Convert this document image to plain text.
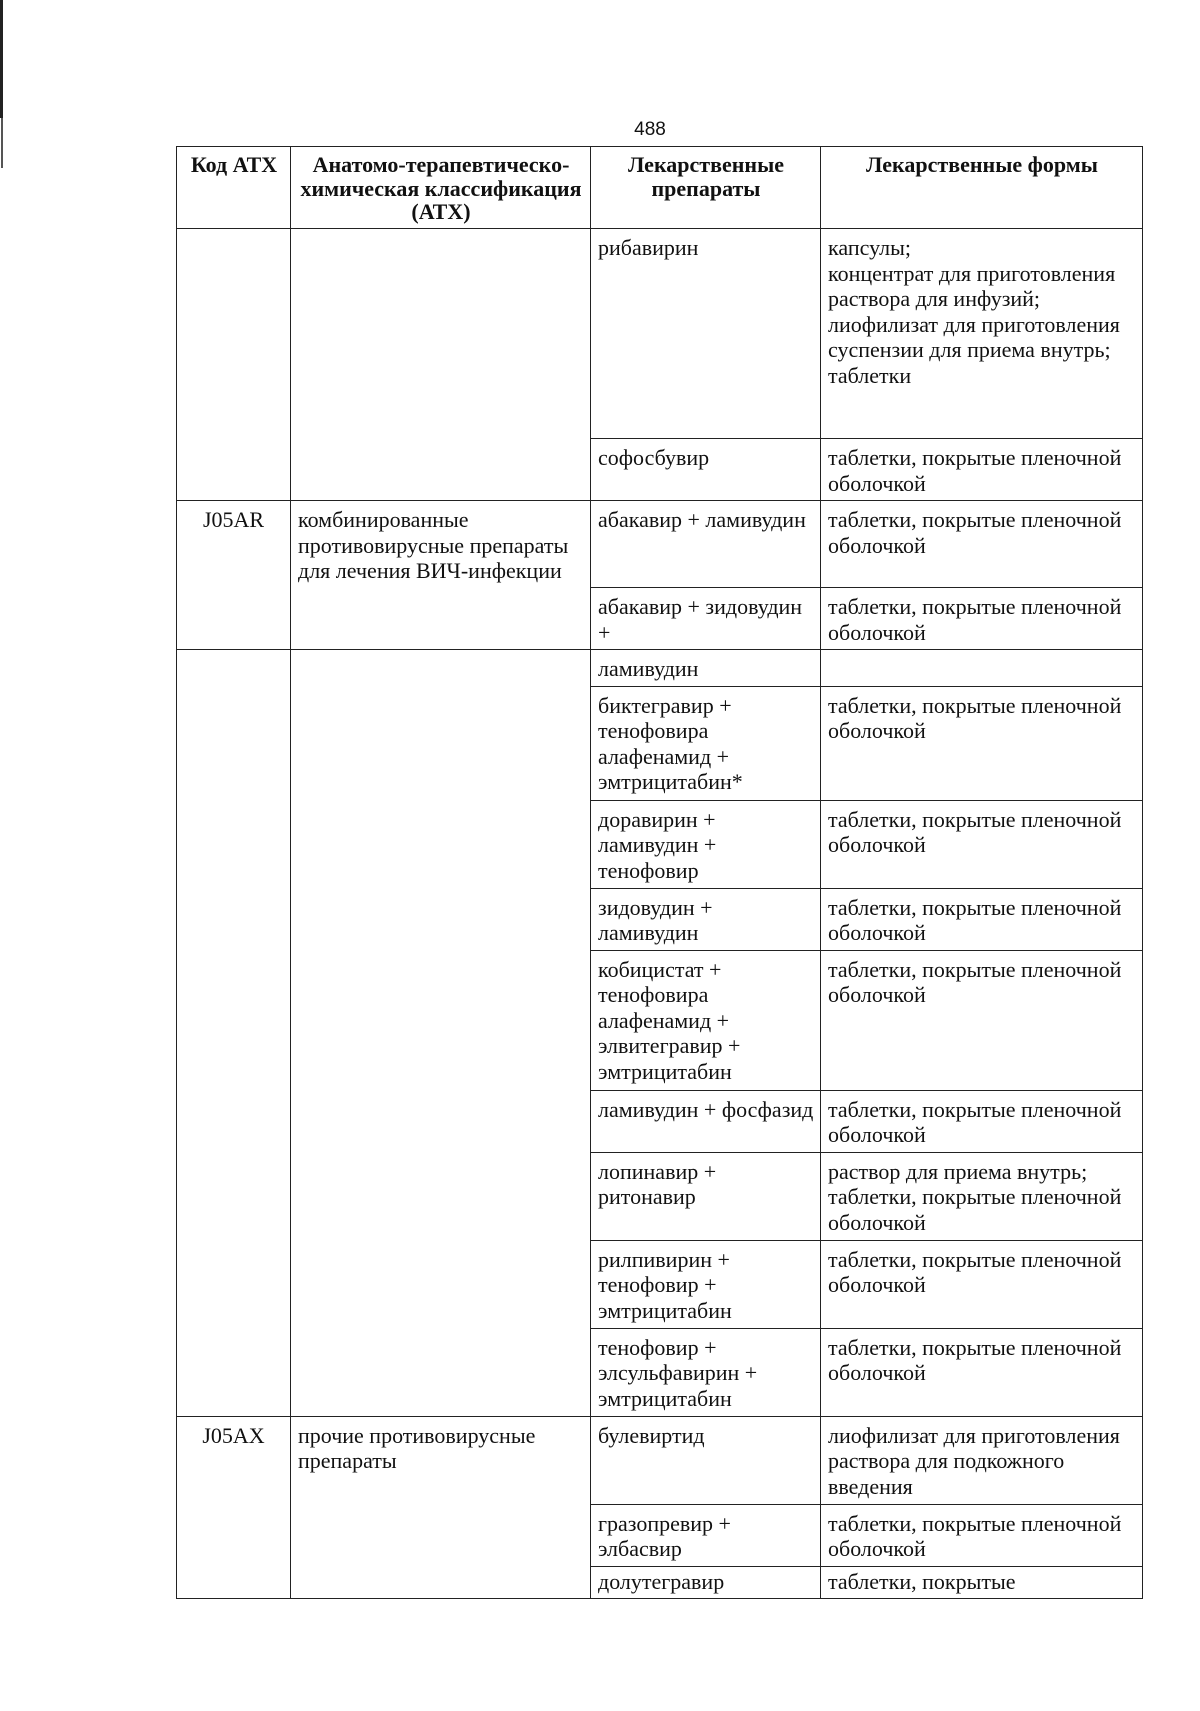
488
Код АТХ	Анатомо-терапевтическо-химическая классификация (АТХ)	Лекарственные препараты	Лекарственные формы
		рибавирин	капсулы;
концентрат для приготовления раствора для инфузий;
лиофилизат для приготовления суспензии для приема внутрь;
таблетки

		софосбувир	таблетки, покрытые пленочной оболочкой
J05AR	комбинированные противовирусные препараты для лечения ВИЧ-инфекции	абакавир + ламивудин	таблетки, покрытые пленочной оболочкой
		абакавир + зидовудин +	таблетки, покрытые пленочной оболочкой
		ламивудин	
		биктегравир + тенофовира алафенамид + эмтрицитабин*	таблетки, покрытые пленочной оболочкой
		доравирин + ламивудин + тенофовир	таблетки, покрытые пленочной оболочкой
		зидовудин + ламивудин	таблетки, покрытые пленочной оболочкой
		кобицистат + тенофовира алафенамид + элвитегравир + эмтрицитабин	таблетки, покрытые пленочной оболочкой
		ламивудин + фосфазид	таблетки, покрытые пленочной оболочкой
		лопинавир + ритонавир	раствор для приема внутрь;
таблетки, покрытые пленочной оболочкой

		рилпивирин + тенофовир + эмтрицитабин	таблетки, покрытые пленочной оболочкой
		тенофовир + элсульфавирин + эмтрицитабин	таблетки, покрытые пленочной оболочкой
J05AX	прочие противовирусные препараты	булевиртид	лиофилизат для приготовления раствора для подкожного введения
		гразопревир + элбасвир	таблетки, покрытые пленочной оболочкой
		долутегравир	таблетки, покрытые
